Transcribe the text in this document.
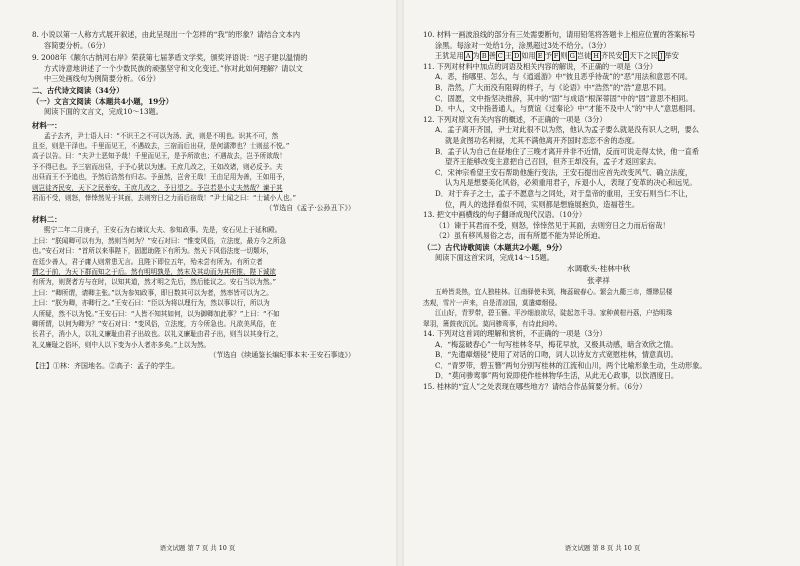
8. 小说以第一人称方式展开叙述，由此呈现出一个怎样的“我”的形象？请结合文本内

容简要分析。（6分）

9. 2008年《额尔古纳河右岸》荣获第七届茅盾文学奖，颁奖评语说：“迟子建以温情的

方式诗意地讲述了一个少数民族的顽强坚守和文化变迁。”你对此如何理解？请以文

中三处画线句为例简要分析。（6分）

二、古代诗文阅读（34分）

（一）文言文阅读（本题共4小题，19分）

阅读下面的文言文，完成10～13题。

材料一：

孟子去齐，尹士语人曰：“不识王之不可以为汤、武，则是不明也。识其不可，然

且至，则是干泽也。千里而见王，不遇故去，三宿而后出昼，是何濡滞也？士则兹不悦。”

高子以告。曰：“夫尹士恶知予哉！千里而见王，是予所欲也；不遇故去，岂予所欲哉！

予不得已也。予三宿而出昼，于予心犹以为速。王庶几改之，王如改诸，则必反予。夫

出昼而王不予追也，予然后浩然有归志。予虽然，岂舍王哉！王由足用为善，王如用予，

则岂徒齐民安，天下之民举安。王庶几改之，予日望之。予岂若是小丈夫然哉？谏于其

君而不受，则怒，悻悻然见于其面，去则穷日之力而后宿哉！”尹士闻之曰：“士诚小人也。”

（节选自《孟子·公孙丑下》）

材料二：

熙宁二年二月庚子，王安石为右谏议大夫、参知政事。先是，安石见上于延和殿。

上曰：“朕闻卿可以有为，然则当何为？”安石对曰：“惟变风俗，立法度，最方今之所急

也。”安石对曰：“首所以来事陛下，固愿助陛下有所为。然天下风俗法度一切颓坏，

在廷少善人，君子庸人则常患无言。且陛下即位五年，殆未尝有所为。有所立者

谓之于前，为天下群而知之于后。然有明明孰是，然末及其动而为其所推，陛下诚欲

有所为，则贤者方与在时，以知其道，然才明之先后，然后能议之。安石当以为然。”

上曰：“卿所谓，请卿主张。”以为参知政事，即日数其可以为者，然率皆可以为之。

上曰：“朕为卿，亦卿行之。”王安石曰：“臣以为将以理行为，然以事以行，所以为

人所疑，然不以为悦。”王安石曰：“人皆不知其如何，以为御卿加此事？”上曰：“不如

卿所谓，以何为卿为？”安石对曰：“变风俗，立法度，方今所急也。凡欲美风俗，在

长君子，消小人，以礼义廉耻由君子出故也。以礼义廉耻由君子出，则当以其身行之，

礼义廉耻之俗坏，则中人以下变为小人者亦多矣。”上以为然。

（节选自《续通鉴长编纪事本末·王安石事迹》）

【注】①林：齐国地名。②高子：孟子的学生。

语文试题 第 7 页 共 10 页

10. 材料一画波浪线的部分有三处需要断句，请用铅笔将答题卡上相应位置的答案标号

涂黑。每涂对一处给1分，涂黑超过3处不给分。（3分）

王犹足用 A 为 B 善 C 王 D 如用 E 予 F 则 G 岂徒 H 齐民安 I 天下之民 J 举安

11. 下列对材料中加点的词语及相关内容的解说，不正确的一项是（3分）

A．恶，指哪里、怎么，与《逍遥游》中“彼且恶乎待哉”的“恶”用法和意思不同。

B．浩然，广大而没有阻碍的样子，与《论语》中“浩然”的“浩”意思不同。

C．固愿，文中指坚决推辞，其中的“固”与成语“根深蒂固”中的“固”意思不相同。

D．中人，文中指普通人，与贾谊《过秦论》中“才能不及中人”的“中人”意思相同。

12. 下列对原文有关内容的概述，不正确的一项是（3分）

A．孟子离开齐国，尹士对此很不以为然，他认为孟子要么就是没有识人之明，要么

就是贪图功名利禄，尤其不满他离开齐国时恋恋不舍的态度。

B．孟子认为自己在昼地住了三晚才离开并非不近情，反而可说走得太快，他一直希

望齐王能够改变主意把自己召回，但齐王却没有，孟子才返回家去。

C．宋神宗希望王安石帮助他施行变法，王安石提出应首先改变风气、确立法度，

认为凡是想要美化风俗，必须重用君子，斥退小人，表现了变革的决心和远见。

D．对于弃子之士，孟子不愿意与之同处，对于皇帝的重用，王安石则当仁不让，

位，两人的选择看似不同，实则都是想施展抱负，造福苍生。

13. 把文中画横线的句子翻译成现代汉语。（10分）

（1）谏于其君而不受，则怒，悻悻然见于其面，去则穷日之力而后宿哉！

（2）虽有移风易俗之志，而有所愿不能为异论所迫。

（二）古代诗歌阅读（本题共2小题，9分）

阅读下面这首宋词，完成14～15题。

水调歌头·桂林中秋

张孝祥

五岭皆炎热，宜人独桂林。江南驿使未到，梅蕊破春心。繁会九衢三市，缥缈层楼

杰观，雪片一声来，自是清凉国，莫遣瘴烟侵。

江山好，青罗带，碧玉簪。平沙细浪欲尽，陡起忽千寻。家种黄柑丹荔，户拾明珠

翠羽，箫鼓夜沉沉。莫问骖鸾事，有诗此间吟。

14. 下列对这首词的理解和赏析，不正确的一项是（3分）

A．“梅蕊破春心”一句写桂林冬早，梅花早放，又极具动感，暗含欢欣之情。

B．“先遣瘴烟侵”使用了对话的口吻，词人以诗友方式宽慰桂林，情意真切。

C．“青罗带，碧玉簪”两句分别写桂林的江流和山川，两个比喻形象生动，生动形象。

D．“莫问骖鸾事”两句说即使作桂林物华生活，从此无心政事，以饮酒度日。

15. 桂林的“宜人”之处表现在哪些地方？请结合作品简要分析。（6分）

语文试题 第 8 页 共 10 页
